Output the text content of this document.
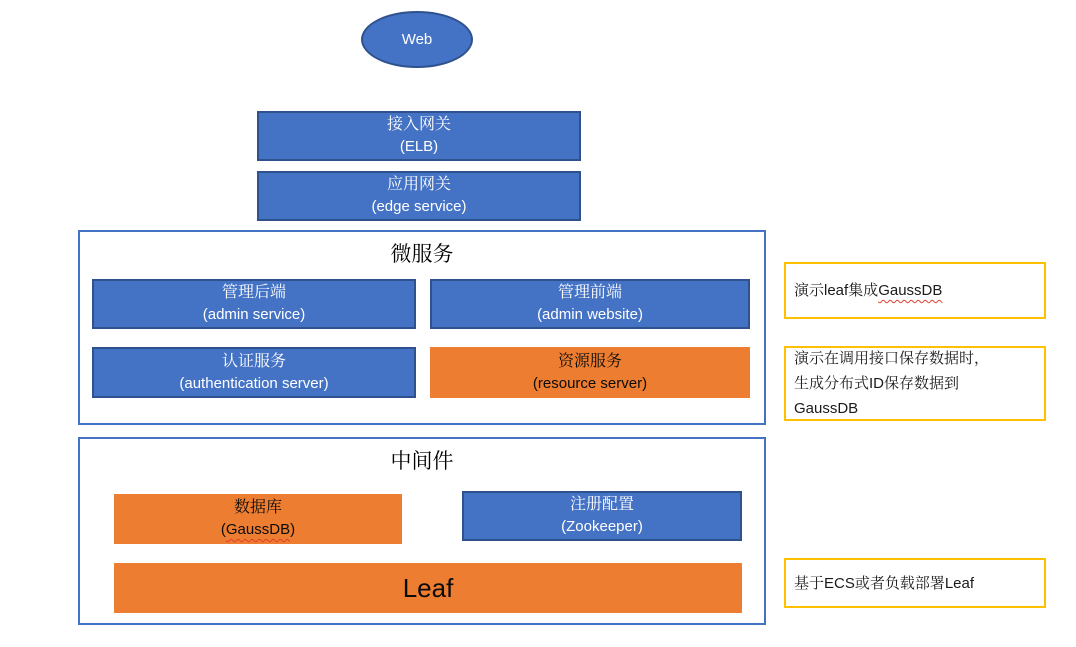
Web
接入网关
(ELB)
应用网关
(edge service)
微服务
管理后端
(admin service)
管理前端
(admin website)
认证服务
(authentication server)
资源服务
(resource server)
中间件
数据库
(GaussDB)
注册配置
(Zookeeper)
Leaf
演示leaf集成GaussDB
演示在调用接口保存数据时，
生成分布式ID保存数据到
GaussDB
基于ECS或者负载部署Leaf
